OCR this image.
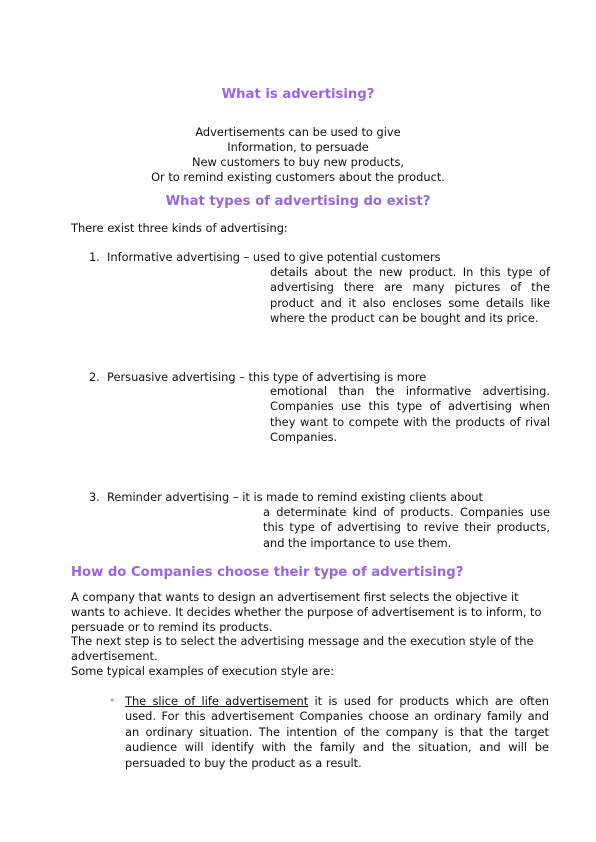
What is advertising?
Advertisements can be used to give
Information, to persuade
New customers to buy new products,
Or to remind existing customers about the product.
What types of advertising do exist?
There exist three kinds of advertising:
1. Informative advertising – used to give potential customers
details about the new product. In this type of advertising there are many pictures of the product and it also encloses some details like where the product can be bought and its price.
2. Persuasive advertising – this type of advertising is more
emotional than the informative advertising. Companies use this type of advertising when they want to compete with the products of rival Companies.
3. Reminder advertising – it is made to remind existing clients about
a determinate kind of products. Companies use this type of advertising to revive their products, and the importance to use them.
How do Companies choose their type of advertising?
A company that wants to design an advertisement first selects the objective it
wants to achieve. It decides whether the purpose of advertisement is to inform, to
persuade or to remind its products.
The next step is to select the advertising message and the execution style of the
advertisement.
Some typical examples of execution style are:
• The slice of life advertisement it is used for products which are often used. For this advertisement Companies choose an ordinary family and an ordinary situation. The intention of the company is that the target audience will identify with the family and the situation, and will be persuaded to buy the product as a result.
